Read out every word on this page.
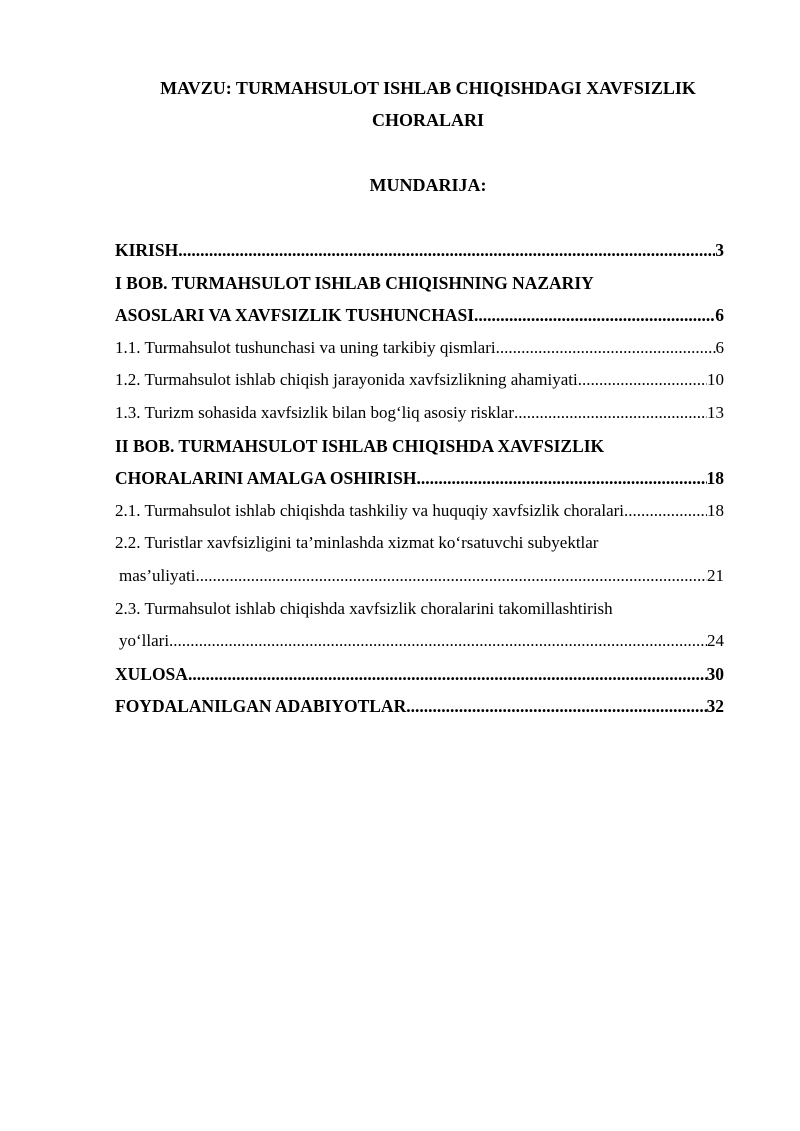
MAVZU: TURMAHSULOT ISHLAB CHIQISHDAGI XAVFSIZLIK

CHORALARI

MUNDARIJA:

KIRISH .....	3
I BOB. TURMAHSULOT ISHLAB CHIQISHNING NAZARIY
ASOSLARI VA XAVFSIZLIK TUSHUNCHASI .....	6
1.1. Turmahsulot tushunchasi va uning tarkibiy qismlari .....	6
1.2. Turmahsulot ishlab chiqish jarayonida xavfsizlikning ahamiyati .....	10
1.3. Turizm sohasida xavfsizlik bilan bog‘liq asosiy risklar .....	13
II BOB. TURMAHSULOT ISHLAB CHIQISHDA XAVFSIZLIK
CHORALARINI AMALGA OSHIRISH .....	18
2.1. Turmahsulot ishlab chiqishda tashkiliy va huquqiy xavfsizlik choralari .....	18
2.2. Turistlar xavfsizligini ta’minlashda xizmat ko‘rsatuvchi subyektlar
mas’uliyati .....	21
2.3. Turmahsulot ishlab chiqishda xavfsizlik choralarini takomillashtirish
yo‘llari .....	24
XULOSA .....	30
FOYDALANILGAN ADABIYOTLAR .....	32
